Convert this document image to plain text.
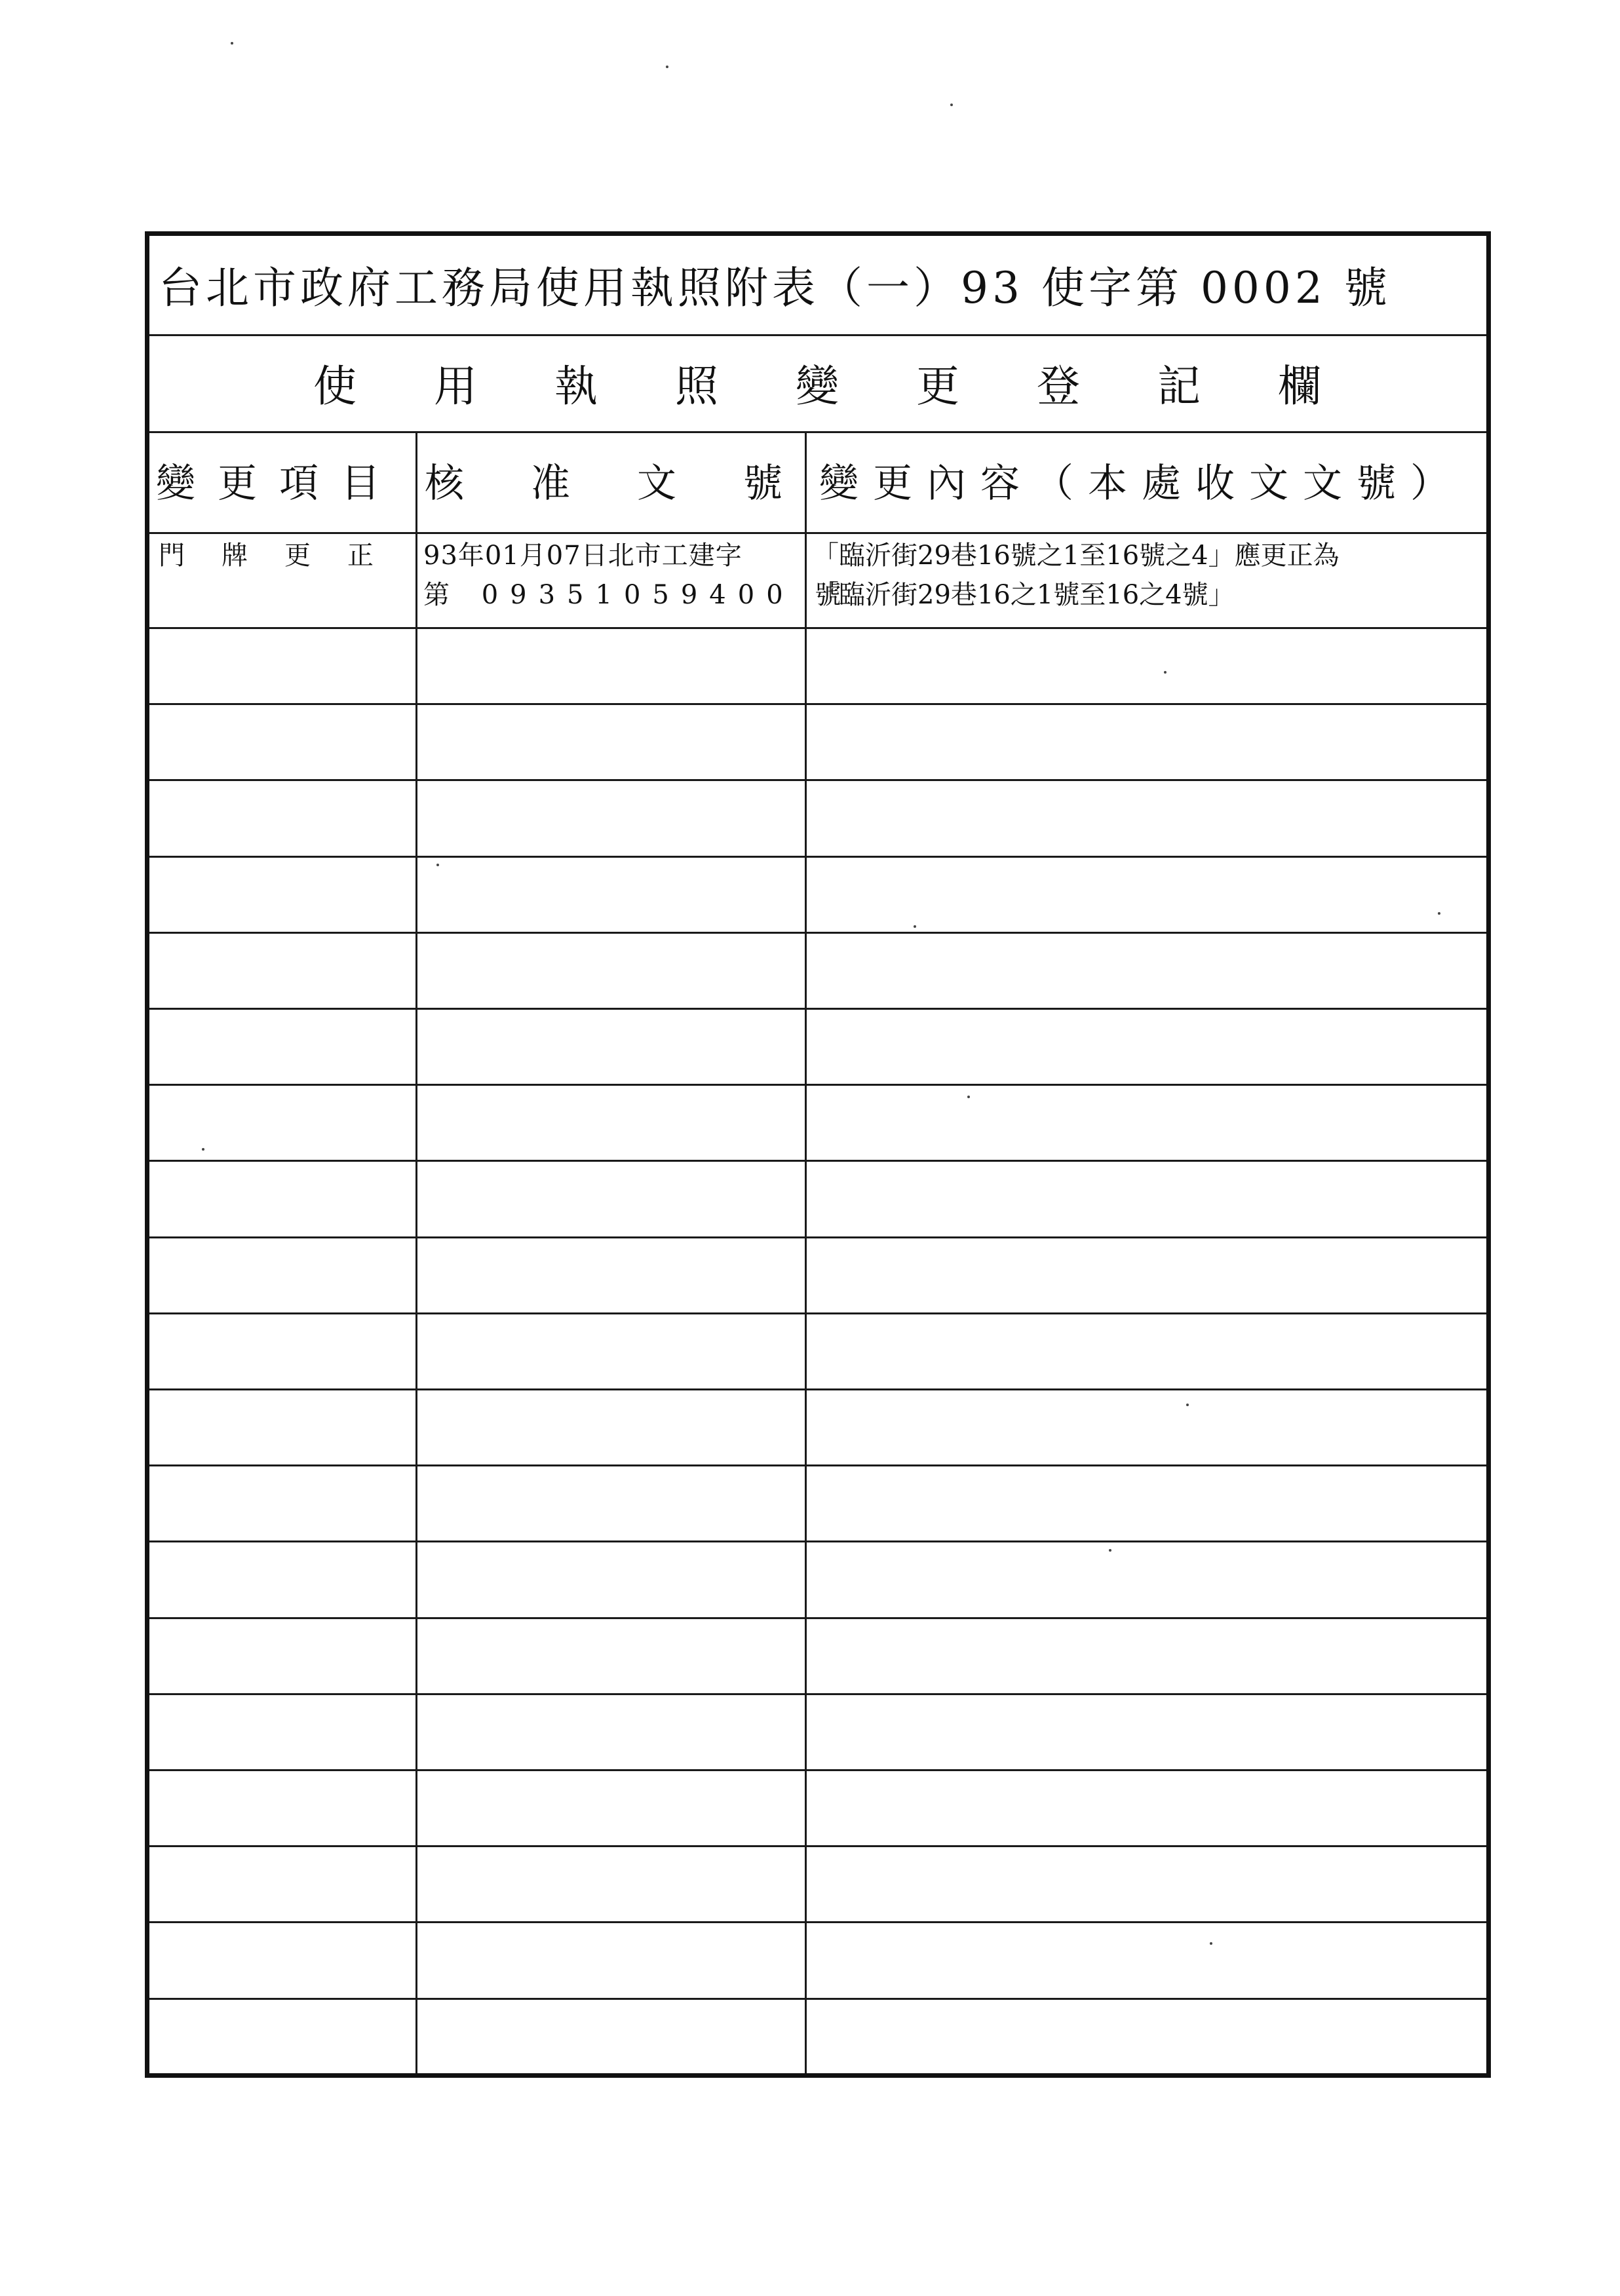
台北市政府工務局使用執照附表（一）93 使字第 0002 號
使用執照變更登記欄
變更項目 核准文號
變更內容（本處收文文號）
門牌更正 93年01月07日北市工建字
第 09351059400 號
「臨沂街29巷16號之1至16號之4」應更正為
「臨沂街29巷16之1號至16之4號」
